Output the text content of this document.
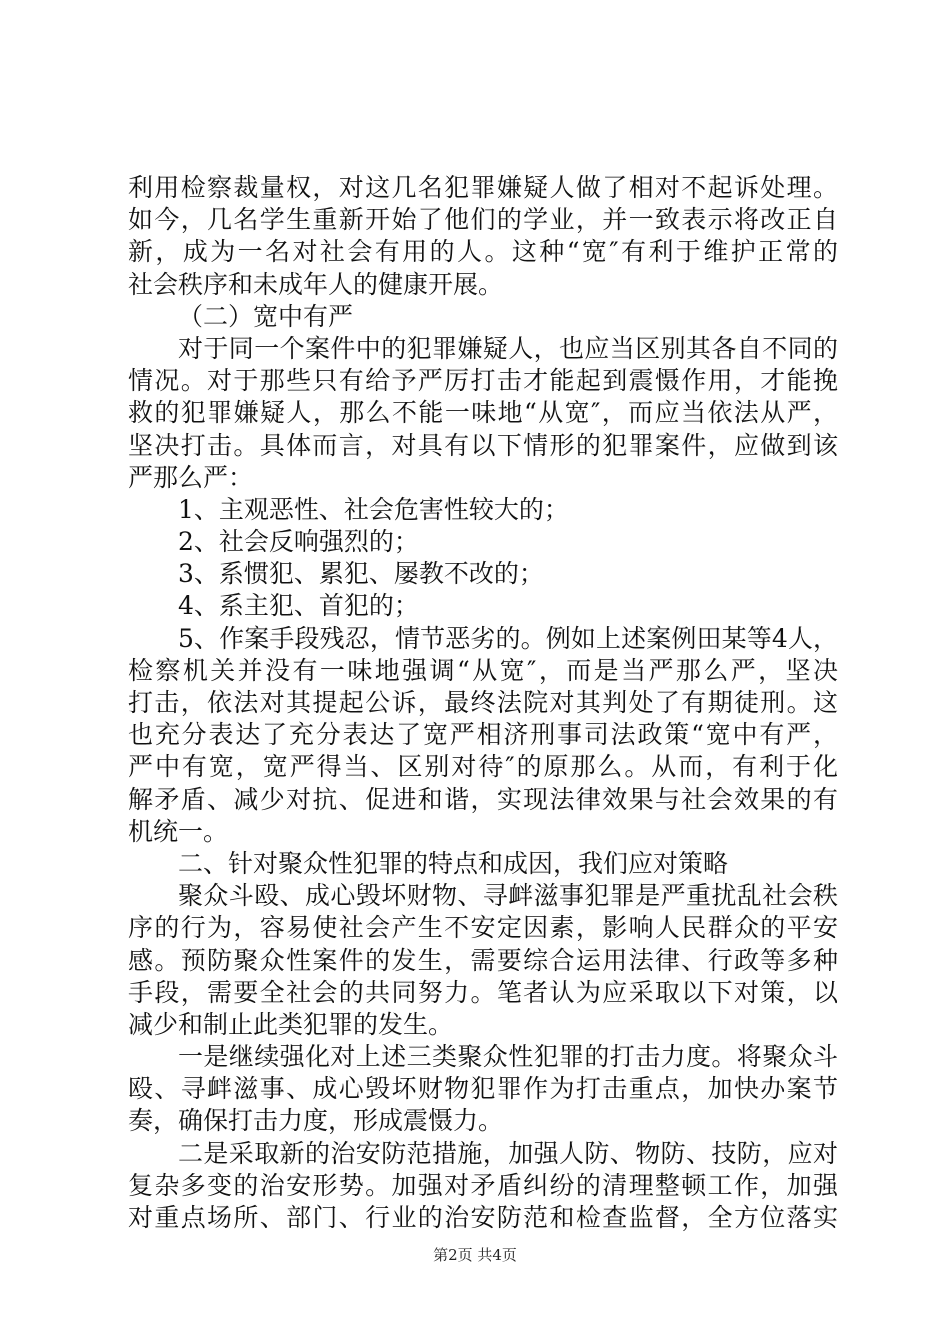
利用检察裁量权，对这几名犯罪嫌疑人做了相对不起诉处理。
如今，几名学生重新开始了他们的学业，并一致表示将改正自
新，成为一名对社会有用的人。这种“宽″有利于维护正常的
社会秩序和未成年人的健康开展。
（二）宽中有严
对于同一个案件中的犯罪嫌疑人，也应当区别其各自不同的
情况。对于那些只有给予严厉打击才能起到震慑作用，才能挽
救的犯罪嫌疑人，那么不能一味地“从宽″，而应当依法从严，
坚决打击。具体而言，对具有以下情形的犯罪案件，应做到该
严那么严：
1、主观恶性、社会危害性较大的；
2、社会反响强烈的；
3、系惯犯、累犯、屡教不改的；
4、系主犯、首犯的；
5、作案手段残忍，情节恶劣的。例如上述案例田某等4人，
检察机关并没有一味地强调“从宽″，而是当严那么严，坚决
打击，依法对其提起公诉，最终法院对其判处了有期徒刑。这
也充分表达了充分表达了宽严相济刑事司法政策“宽中有严，
严中有宽，宽严得当、区别对待″的原那么。从而，有利于化
解矛盾、减少对抗、促进和谐，实现法律效果与社会效果的有
机统一。
二、针对聚众性犯罪的特点和成因，我们应对策略
聚众斗殴、成心毁坏财物、寻衅滋事犯罪是严重扰乱社会秩
序的行为，容易使社会产生不安定因素，影响人民群众的平安
感。预防聚众性案件的发生，需要综合运用法律、行政等多种
手段，需要全社会的共同努力。笔者认为应采取以下对策，以
减少和制止此类犯罪的发生。
一是继续强化对上述三类聚众性犯罪的打击力度。将聚众斗
殴、寻衅滋事、成心毁坏财物犯罪作为打击重点，加快办案节
奏，确保打击力度，形成震慑力。
二是采取新的治安防范措施，加强人防、物防、技防，应对
复杂多变的治安形势。加强对矛盾纠纷的清理整顿工作，加强
对重点场所、部门、行业的治安防范和检查监督，全方位落实
第2页 共4页
